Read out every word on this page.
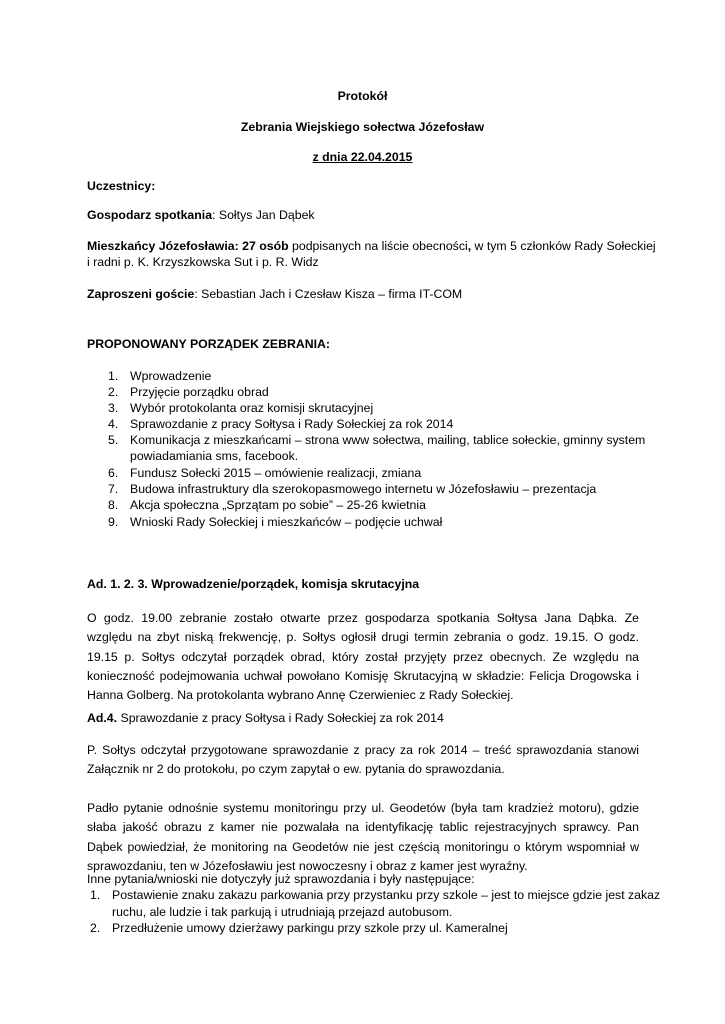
Protokół

Zebrania Wiejskiego sołectwa Józefosław

z dnia 22.04.2015

Uczestnicy:

Gospodarz spotkania: Sołtys Jan Dąbek

Mieszkańcy Józefosławia: 27 osób podpisanych na liście obecności, w tym 5 członków Rady Sołeckiej

i radni p. K. Krzyszkowska Sut i p. R. Widz

Zaproszeni goście: Sebastian Jach i Czesław Kisza – firma IT-COM

PROPONOWANY PORZĄDEK ZEBRANIA:

1. Wprowadzenie
2. Przyjęcie porządku obrad
3. Wybór protokolanta oraz komisji skrutacyjnej
4. Sprawozdanie z pracy Sołtysa i Rady Sołeckiej za rok 2014
5. Komunikacja z mieszkańcami – strona www sołectwa, mailing, tablice sołeckie, gminny system
powiadamiania sms, facebook.
6. Fundusz Sołecki 2015 – omówienie realizacji, zmiana
7. Budowa infrastruktury dla szerokopasmowego internetu w Józefosławiu – prezentacja
8. Akcja społeczna „Sprzątam po sobie” – 25-26 kwietnia
9. Wnioski Rady Sołeckiej i mieszkańców – podjęcie uchwał

Ad. 1. 2. 3. Wprowadzenie/porządek, komisja skrutacyjna

O godz. 19.00 zebranie zostało otwarte przez gospodarza spotkania Sołtysa Jana Dąbka. Ze względu na zbyt niską frekwencję, p. Sołtys ogłosił drugi termin zebrania o godz. 19.15. O godz. 19.15 p. Sołtys odczytał porządek obrad, który został przyjęty przez obecnych. Ze względu na konieczność podejmowania uchwał powołano Komisję Skrutacyjną w składzie: Felicja Drogowska i Hanna Golberg. Na protokolanta wybrano Annę Czerwieniec z Rady Sołeckiej.

Ad.4. Sprawozdanie z pracy Sołtysa i Rady Sołeckiej za rok 2014

P. Sołtys odczytał przygotowane sprawozdanie z pracy za rok 2014 – treść sprawozdania stanowi Załącznik nr 2 do protokołu, po czym zapytał o ew. pytania do sprawozdania.

Padło pytanie odnośnie systemu monitoringu przy ul. Geodetów (była tam kradzież motoru), gdzie słaba jakość obrazu z kamer nie pozwalała na identyfikację tablic rejestracyjnych sprawcy. Pan Dąbek powiedział, że monitoring na Geodetów nie jest częścią monitoringu o którym wspomniał w sprawozdaniu, ten w Józefosławiu jest nowoczesny i obraz z kamer jest wyraźny.

Inne pytania/wnioski nie dotyczyły już sprawozdania i były następujące:

1. Postawienie znaku zakazu parkowania przy przystanku przy szkole – jest to miejsce gdzie jest zakaz
ruchu, ale ludzie i tak parkują i utrudniają przejazd autobusom.
2. Przedłużenie umowy dzierżawy parkingu przy szkole przy ul. Kameralnej
